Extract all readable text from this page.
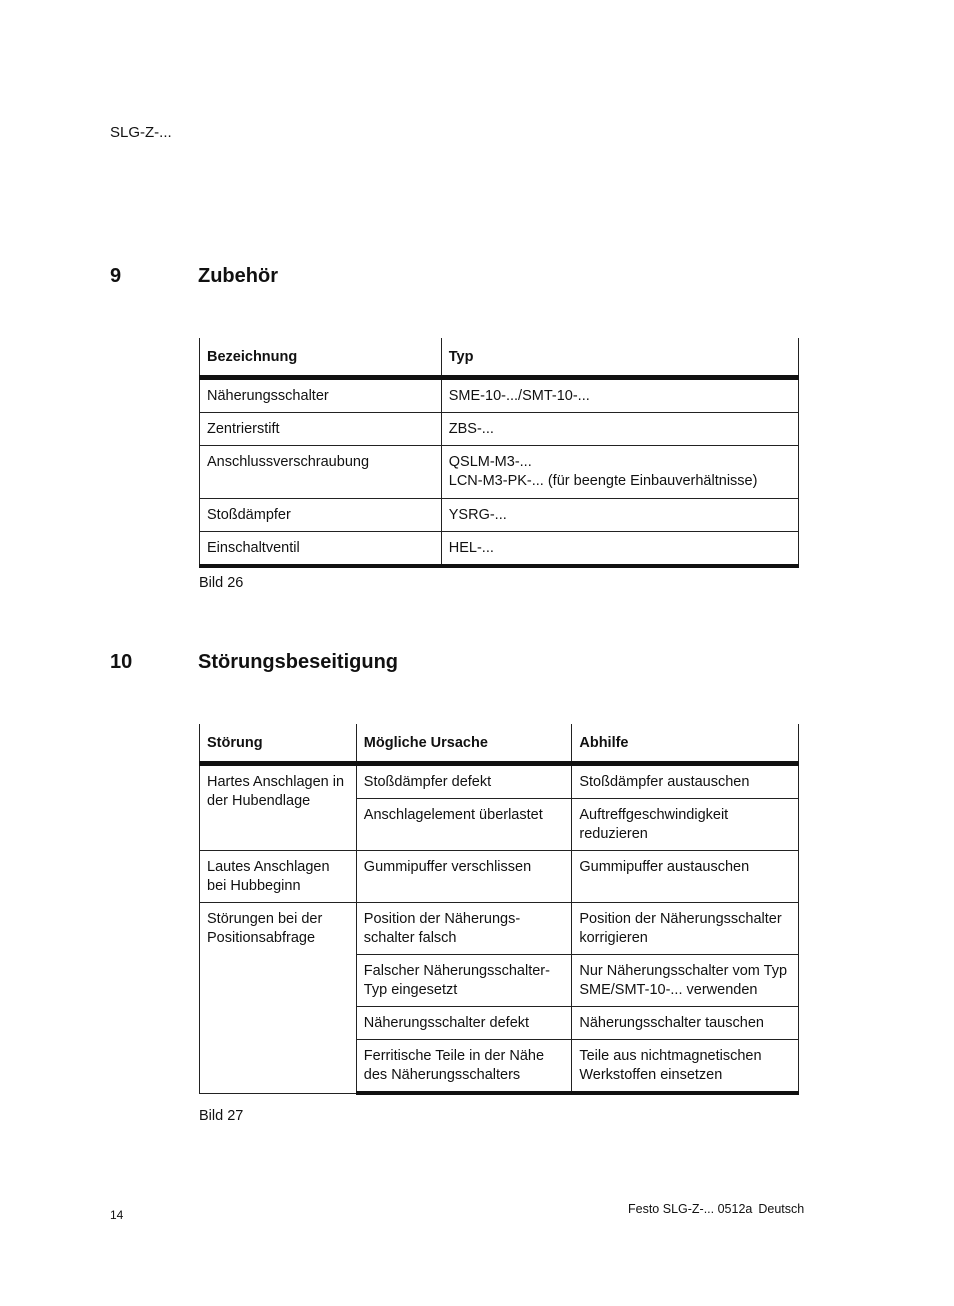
SLG-Z-...
9	Zubehör
Bezeichnung	Typ
Näherungsschalter	SME-10-.../SMT-10-...
Zentrierstift	ZBS-...
Anschlussverschraubung	QSLM-M3-...
LCN-M3-PK-... (für beengte Einbauverhältnisse)

Stoßdämpfer	YSRG-...
Einschaltventil	HEL-...
Bild 26
10	Störungsbeseitigung
Störung	Mögliche Ursache	Abhilfe
Hartes Anschlagen in der Hubendlage	Stoßdämpfer defekt	Stoßdämpfer austauschen
	Anschlagelement überlastet	Auftreffgeschwindigkeit reduzieren
Lautes Anschlagen bei Hubbeginn	Gummipuffer verschlissen	Gummipuffer austauschen
Störungen bei der Positionsabfrage	Position der Näherungs-schalter falsch	Position der Näherungsschalter korrigieren
	Falscher Näherungsschalter-Typ eingesetzt	Nur Näherungsschalter vom Typ SME/SMT-10-... verwenden
	Näherungsschalter defekt	Näherungsschalter tauschen
	Ferritische Teile in der Nähe des Näherungsschalters	Teile aus nichtmagnetischen Werkstoffen einsetzen
Bild 27
14	Festo SLG-Z-... 0512a Deutsch
